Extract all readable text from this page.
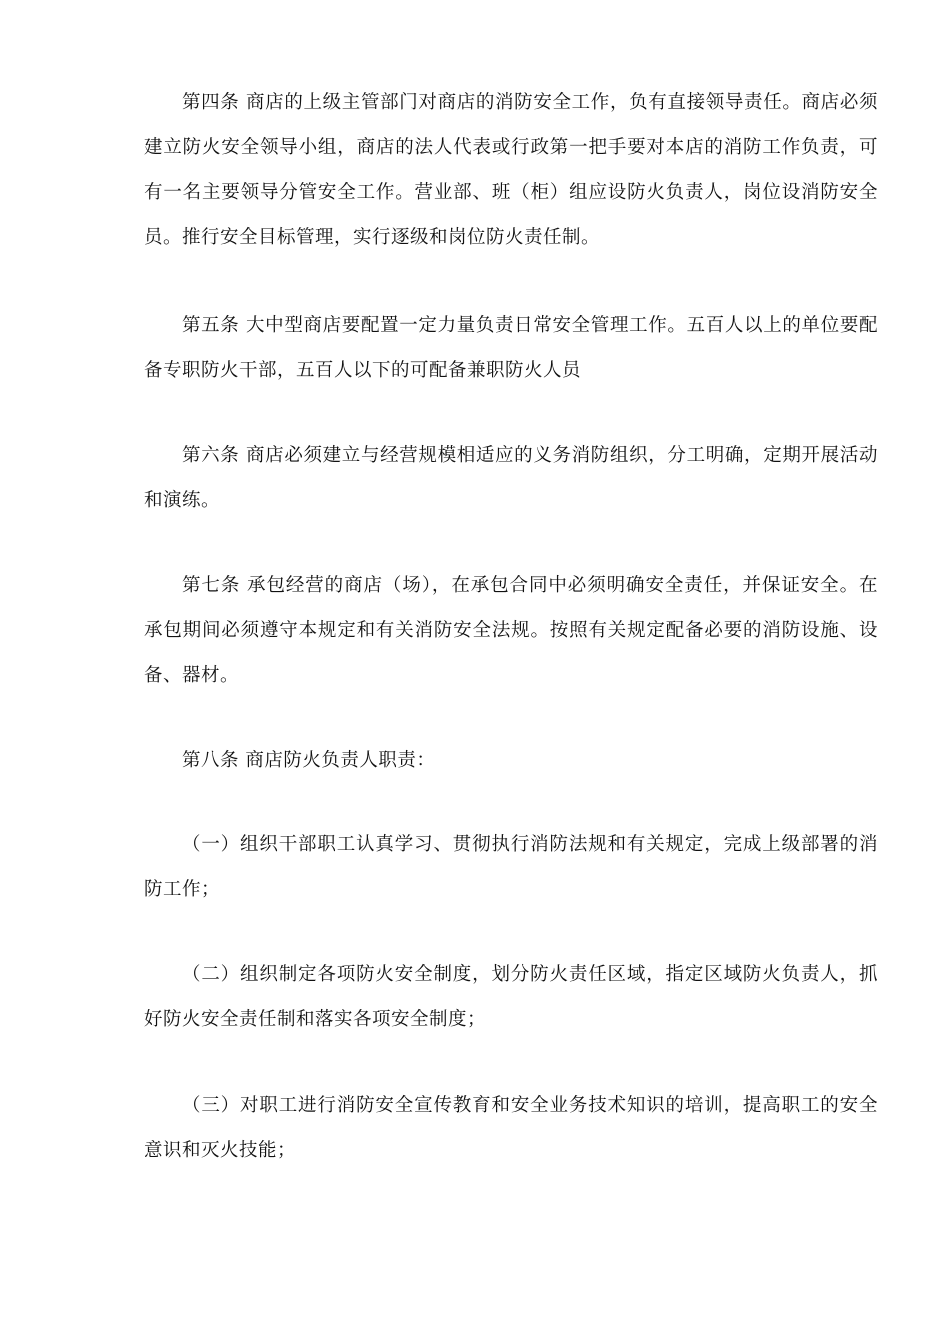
第四条 商店的上级主管部门对商店的消防安全工作，负有直接领导责任。商店必须建立防火安全领导小组，商店的法人代表或行政第一把手要对本店的消防工作负责，可有一名主要领导分管安全工作。营业部、班（柜）组应设防火负责人，岗位设消防安全员。推行安全目标管理，实行逐级和岗位防火责任制。

第五条 大中型商店要配置一定力量负责日常安全管理工作。五百人以上的单位要配备专职防火干部，五百人以下的可配备兼职防火人员

第六条 商店必须建立与经营规模相适应的义务消防组织，分工明确，定期开展活动和演练。

第七条 承包经营的商店（场），在承包合同中必须明确安全责任，并保证安全。在承包期间必须遵守本规定和有关消防安全法规。按照有关规定配备必要的消防设施、设备、器材。

第八条 商店防火负责人职责：

（一）组织干部职工认真学习、贯彻执行消防法规和有关规定，完成上级部署的消防工作；

（二）组织制定各项防火安全制度，划分防火责任区域，指定区域防火负责人，抓好防火安全责任制和落实各项安全制度；

（三）对职工进行消防安全宣传教育和安全业务技术知识的培训，提高职工的安全意识和灭火技能；
